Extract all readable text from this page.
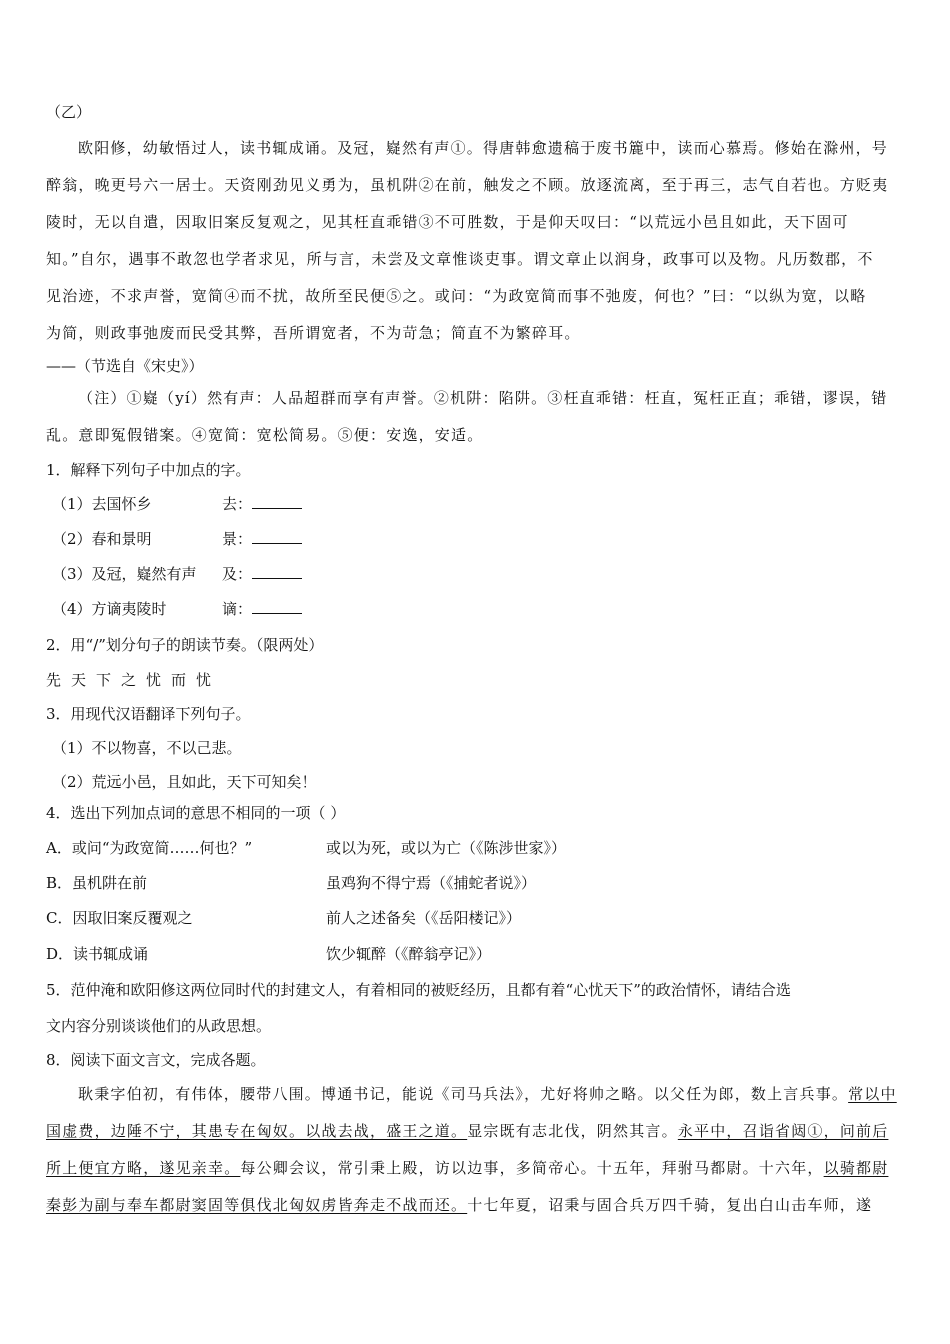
（乙）
欧阳修，幼敏悟过人，读书辄成诵。及冠，嶷然有声①。得唐韩愈遗稿于废书簏中，读而心慕焉。修始在滁州，号
醉翁，晚更号六一居士。天资刚劲见义勇为，虽机阱②在前，触发之不顾。放逐流离，至于再三，志气自若也。方贬夷
陵时，无以自遣，因取旧案反复观之，见其枉直乖错③不可胜数，于是仰天叹曰：“以荒远小邑且如此，天下固可
知。”自尔，遇事不敢忽也学者求见，所与言，未尝及文章惟谈吏事。谓文章止以润身，政事可以及物。凡历数郡，不
见治迹，不求声誉，宽简④而不扰，故所至民便⑤之。或问：“为政宽简而事不弛废，何也？”曰：“以纵为宽，以略
为简，则政事弛废而民受其弊，吾所谓宽者，不为苛急；简直不为繁碎耳。
——（节选自《宋史》）
（注）①嶷（yí）然有声：人品超群而享有声誉。②机阱：陷阱。③枉直乖错：枉直，冤枉正直；乖错，谬误，错
乱。意即冤假错案。④宽简：宽松简易。⑤便：安逸，安适。
1．解释下列句子中加点的字。
（1）去国怀乡	去：
（2）春和景明	景：
（3）及冠，嶷然有声 及：
（4）方谪夷陵时	谪：
2．用“/”划分句子的朗读节奏。（限两处）
先天下之忧而忧
3．用现代汉语翻译下列句子。
（1）不以物喜，不以己悲。
（2）荒远小邑，且如此，天下可知矣！
4．选出下列加点词的意思不相同的一项（ ）
A．或问“为政宽简……何也？”	或以为死，或以为亡（《陈涉世家》）
B．虽机阱在前	虽鸡狗不得宁焉（《捕蛇者说》）
C．因取旧案反覆观之	前人之述备矣（《岳阳楼记》）
D．读书辄成诵	饮少辄醉（《醉翁亭记》）
5．范仲淹和欧阳修这两位同时代的封建文人，有着相同的被贬经历，且都有着“心忧天下”的政治情怀，请结合选
文内容分别谈谈他们的从政思想。
8．阅读下面文言文，完成各题。
耿秉字伯初，有伟体，腰带八围。博通书记，能说《司马兵法》，尤好将帅之略。以父任为郎，数上言兵事。常以中
国虚费，边陲不宁，其患专在匈奴。以战去战，盛王之道。显宗既有志北伐，阴然其言。永平中，召诣省闼①，问前后
所上便宜方略，遂见亲幸。每公卿会议，常引秉上殿，访以边事，多简帝心。十五年，拜驸马都尉。十六年，以骑都尉
秦彭为副与奉车都尉窦固等俱伐北匈奴虏皆奔走不战而还。十七年夏，诏秉与固合兵万四千骑，复出白山击车师，遂
